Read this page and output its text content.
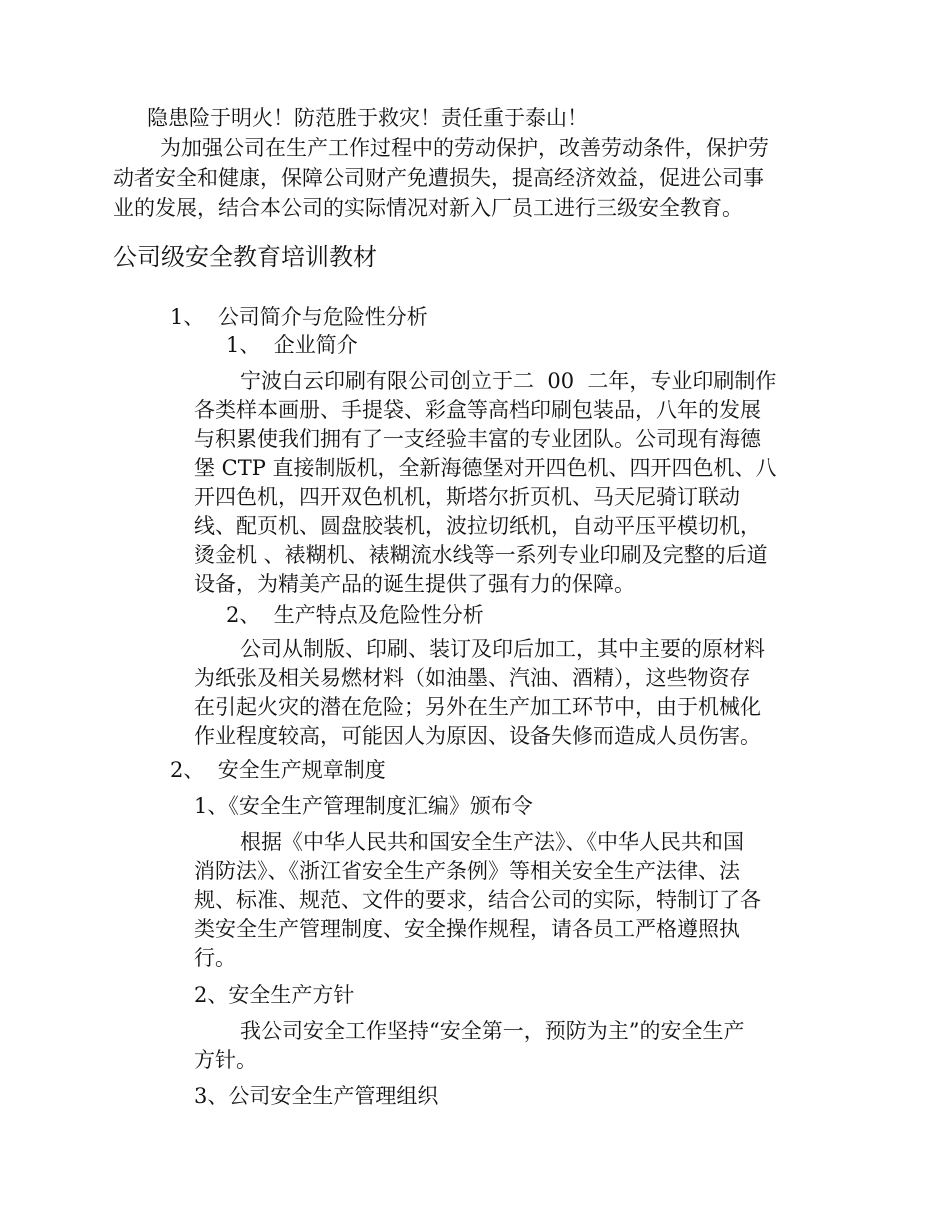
隐患险于明火！防范胜于救灾！责任重于泰山！

为加强公司在生产工作过程中的劳动保护，改善劳动条件，保护劳

动者安全和健康，保障公司财产免遭损失，提高经济效益，促进公司事

业的发展，结合本公司的实际情况对新入厂员工进行三级安全教育。

公司级安全教育培训教材

1、  公司简介与危险性分析

1、  企业简介

宁波白云印刷有限公司创立于二  00  二年，专业印刷制作

各类样本画册、手提袋、彩盒等高档印刷包装品，八年的发展

与积累使我们拥有了一支经验丰富的专业团队。公司现有海德

堡 CTP 直接制版机，全新海德堡对开四色机、四开四色机、八

开四色机，四开双色机机，斯塔尔折页机、马天尼骑订联动

线、配页机、圆盘胶装机，波拉切纸机，自动平压平模切机，

烫金机 、裱糊机、裱糊流水线等一系列专业印刷及完整的后道

设备，为精美产品的诞生提供了强有力的保障。

2、  生产特点及危险性分析

公司从制版、印刷、装订及印后加工，其中主要的原材料

为纸张及相关易燃材料（如油墨、汽油、酒精），这些物资存

在引起火灾的潜在危险；另外在生产加工环节中，由于机械化

作业程度较高，可能因人为原因、设备失修而造成人员伤害。

2、  安全生产规章制度

1、《安全生产管理制度汇编》颁布令

根据《中华人民共和国安全生产法》、《中华人民共和国

消防法》、《浙江省安全生产条例》等相关安全生产法律、法

规、标准、规范、文件的要求，结合公司的实际，特制订了各

类安全生产管理制度、安全操作规程，请各员工严格遵照执

行。

2、安全生产方针

我公司安全工作坚持“安全第一，预防为主”的安全生产

方针。

3、公司安全生产管理组织
